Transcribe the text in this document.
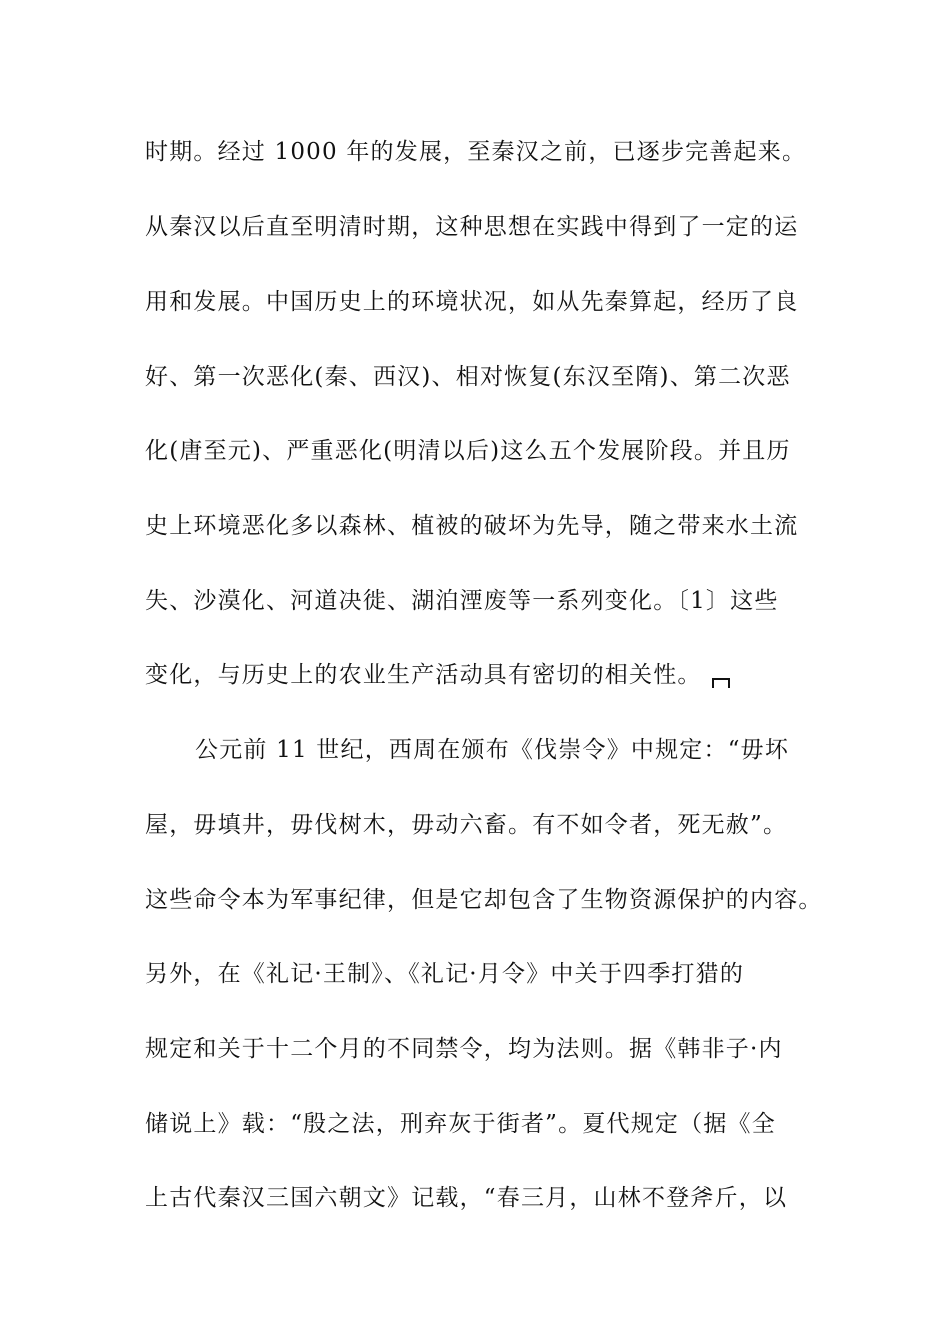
时期。经过 1000 年的发展，至秦汉之前，已逐步完善起来。
从秦汉以后直至明清时期，这种思想在实践中得到了一定的运
用和发展。中国历史上的环境状况，如从先秦算起，经历了良
好、第一次恶化(秦、西汉)、相对恢复(东汉至隋)、第二次恶
化(唐至元)、严重恶化(明清以后)这么五个发展阶段。并且历
史上环境恶化多以森林、植被的破坏为先导，随之带来水土流
失、沙漠化、河道决徙、湖泊湮废等一系列变化。〔1〕这些
变化，与历史上的农业生产活动具有密切的相关性。
公元前 11 世纪，西周在颁布《伐崇令》中规定：“毋坏
屋，毋填井，毋伐树木，毋动六畜。有不如令者，死无赦”。
这些命令本为军事纪律，但是它却包含了生物资源保护的内容。
另外，在《礼记·王制》、《礼记·月令》中关于四季打猎的
规定和关于十二个月的不同禁令，均为法则。据《韩非子·内
储说上》载：“殷之法，刑弃灰于街者”。夏代规定（据《全
上古代秦汉三国六朝文》记载，“春三月，山林不登斧斤，以
